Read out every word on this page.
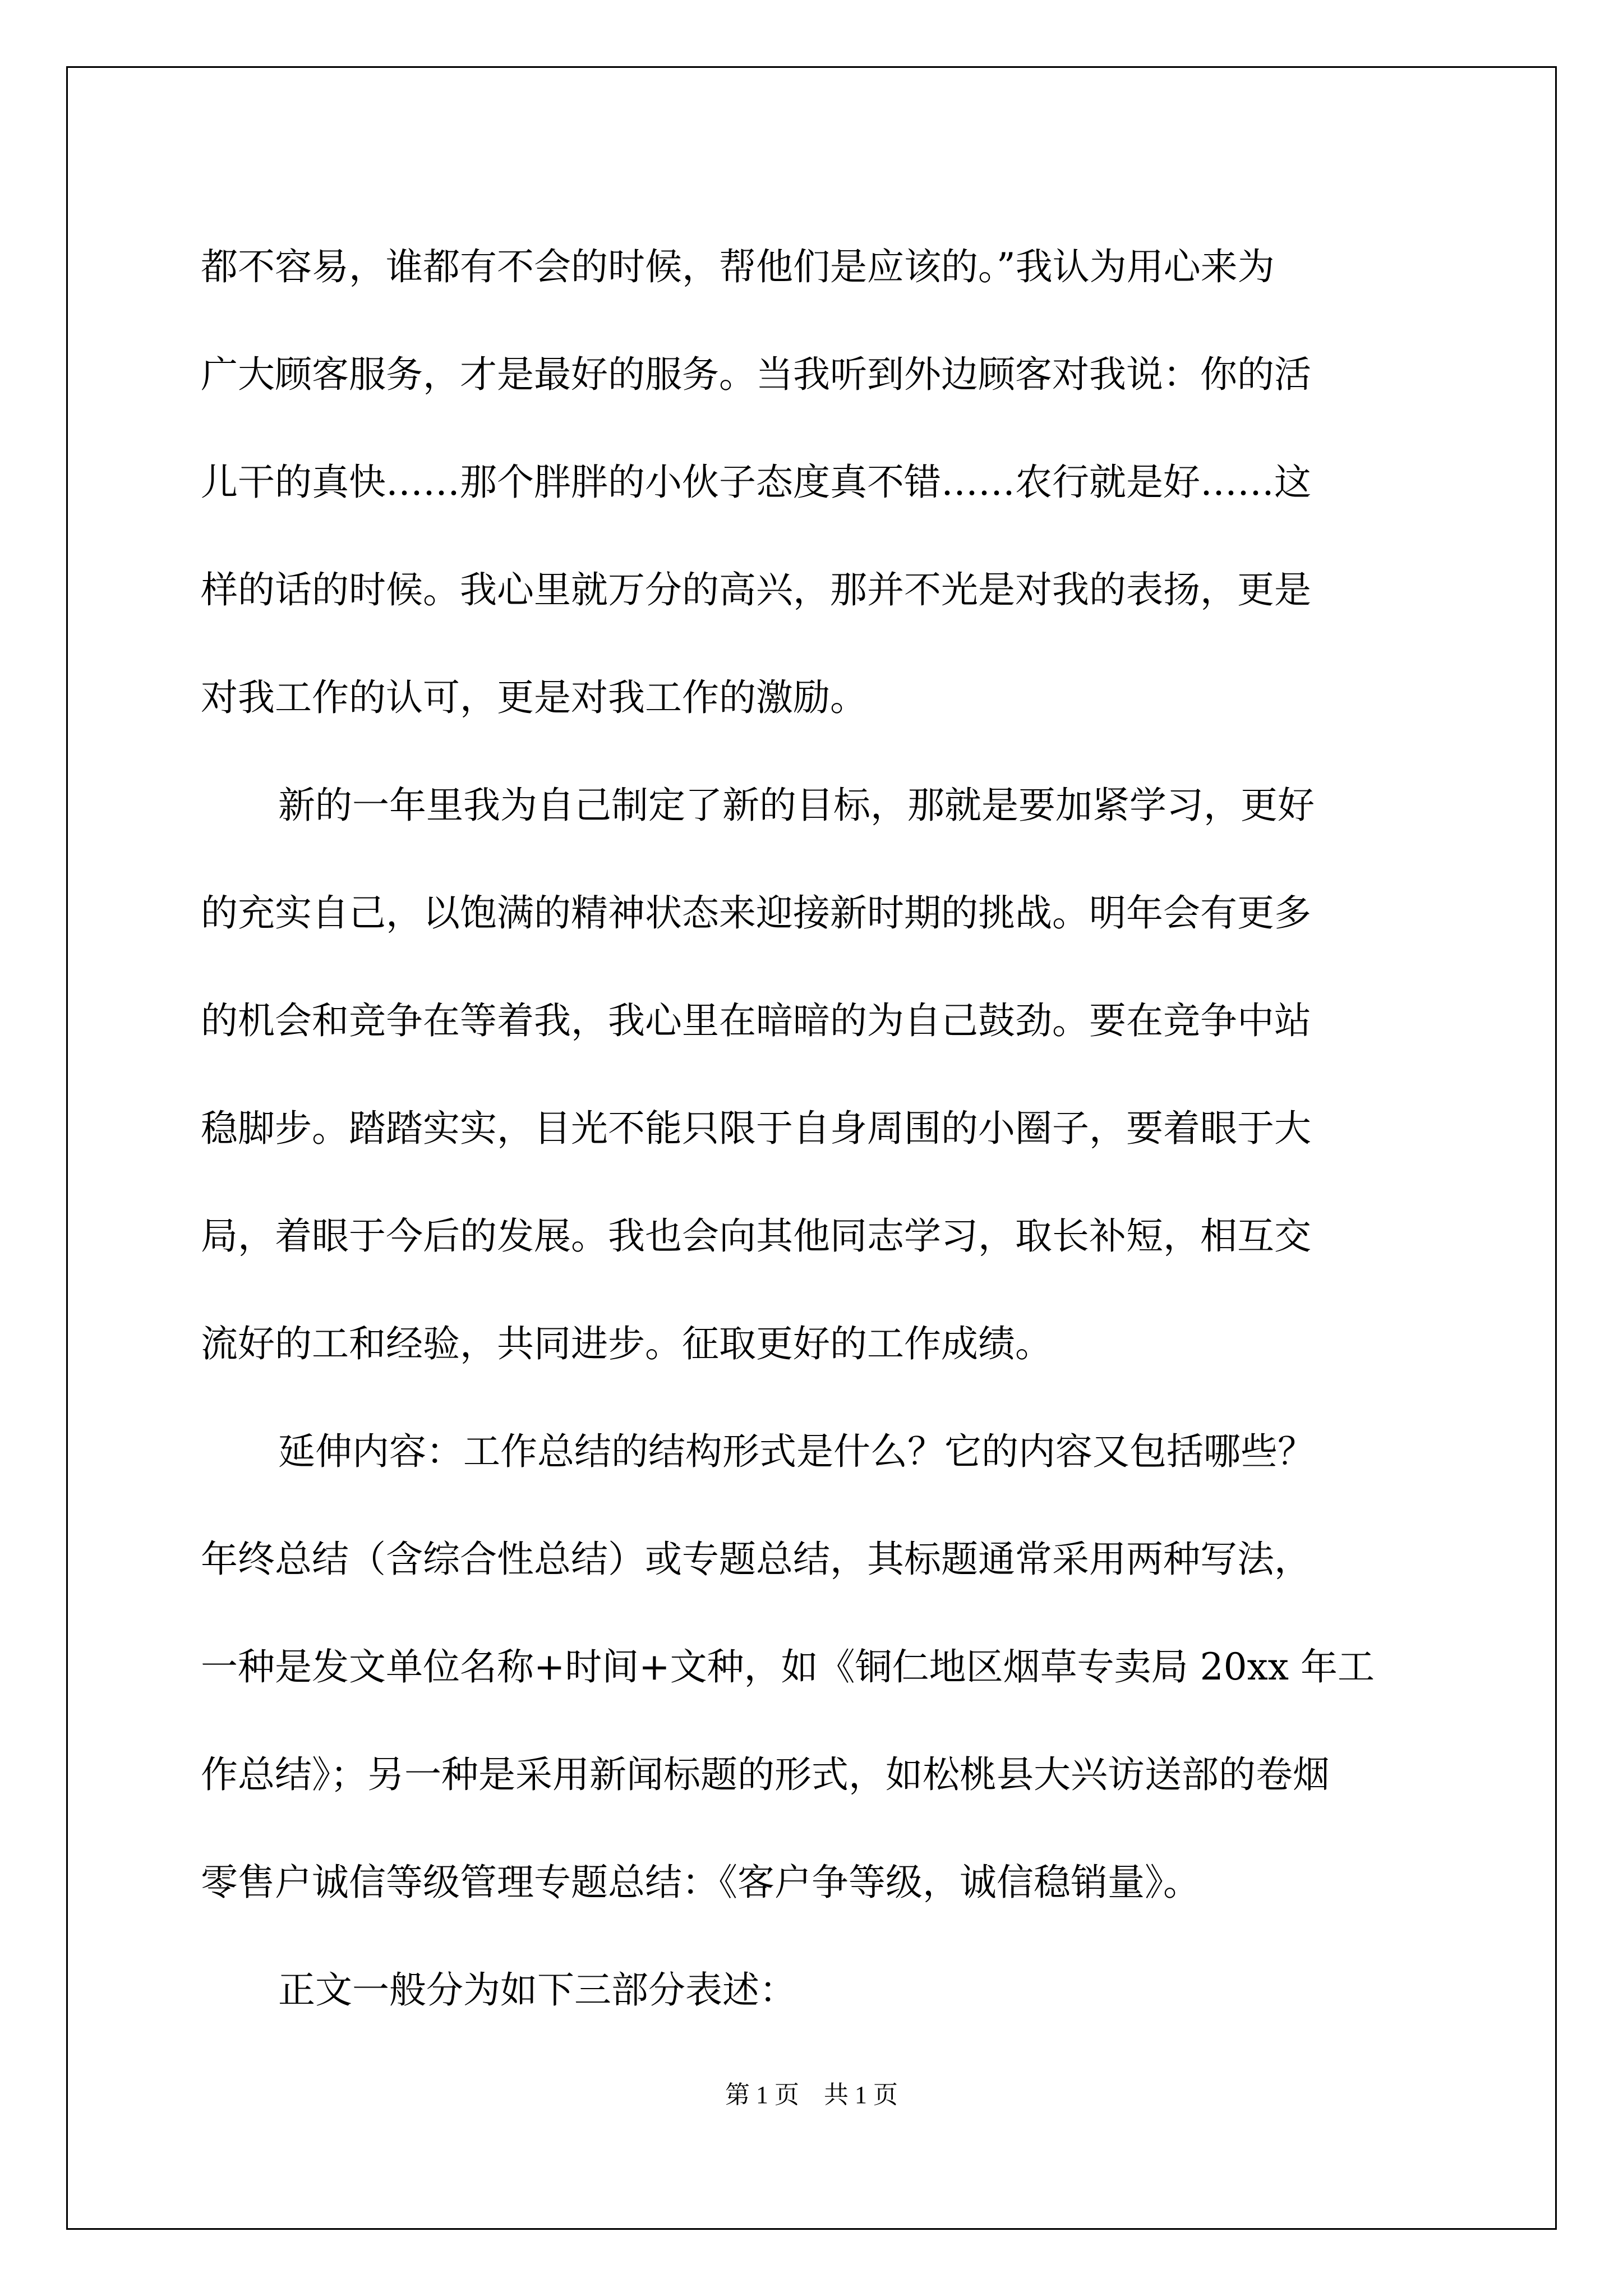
都不容易，谁都有不会的时候，帮他们是应该的。”我认为用心来为
广大顾客服务，才是最好的服务。当我听到外边顾客对我说：你的活
儿干的真快……那个胖胖的小伙子态度真不错……农行就是好……这
样的话的时候。我心里就万分的高兴，那并不光是对我的表扬，更是
对我工作的认可，更是对我工作的激励。
新的一年里我为自己制定了新的目标，那就是要加紧学习，更好
的充实自己，以饱满的精神状态来迎接新时期的挑战。明年会有更多
的机会和竞争在等着我，我心里在暗暗的为自己鼓劲。要在竞争中站
稳脚步。踏踏实实，目光不能只限于自身周围的小圈子，要着眼于大
局，着眼于今后的发展。我也会向其他同志学习，取长补短，相互交
流好的工和经验，共同进步。征取更好的工作成绩。
延伸内容：工作总结的结构形式是什么？它的内容又包括哪些？
年终总结（含综合性总结）或专题总结，其标题通常采用两种写法，
一种是发文单位名称+时间+文种，如《铜仁地区烟草专卖局 20xx 年工
作总结》；另一种是采用新闻标题的形式，如松桃县大兴访送部的卷烟
零售户诚信等级管理专题总结：《客户争等级，诚信稳销量》。
正文一般分为如下三部分表述：
第 1 页　共 1 页
